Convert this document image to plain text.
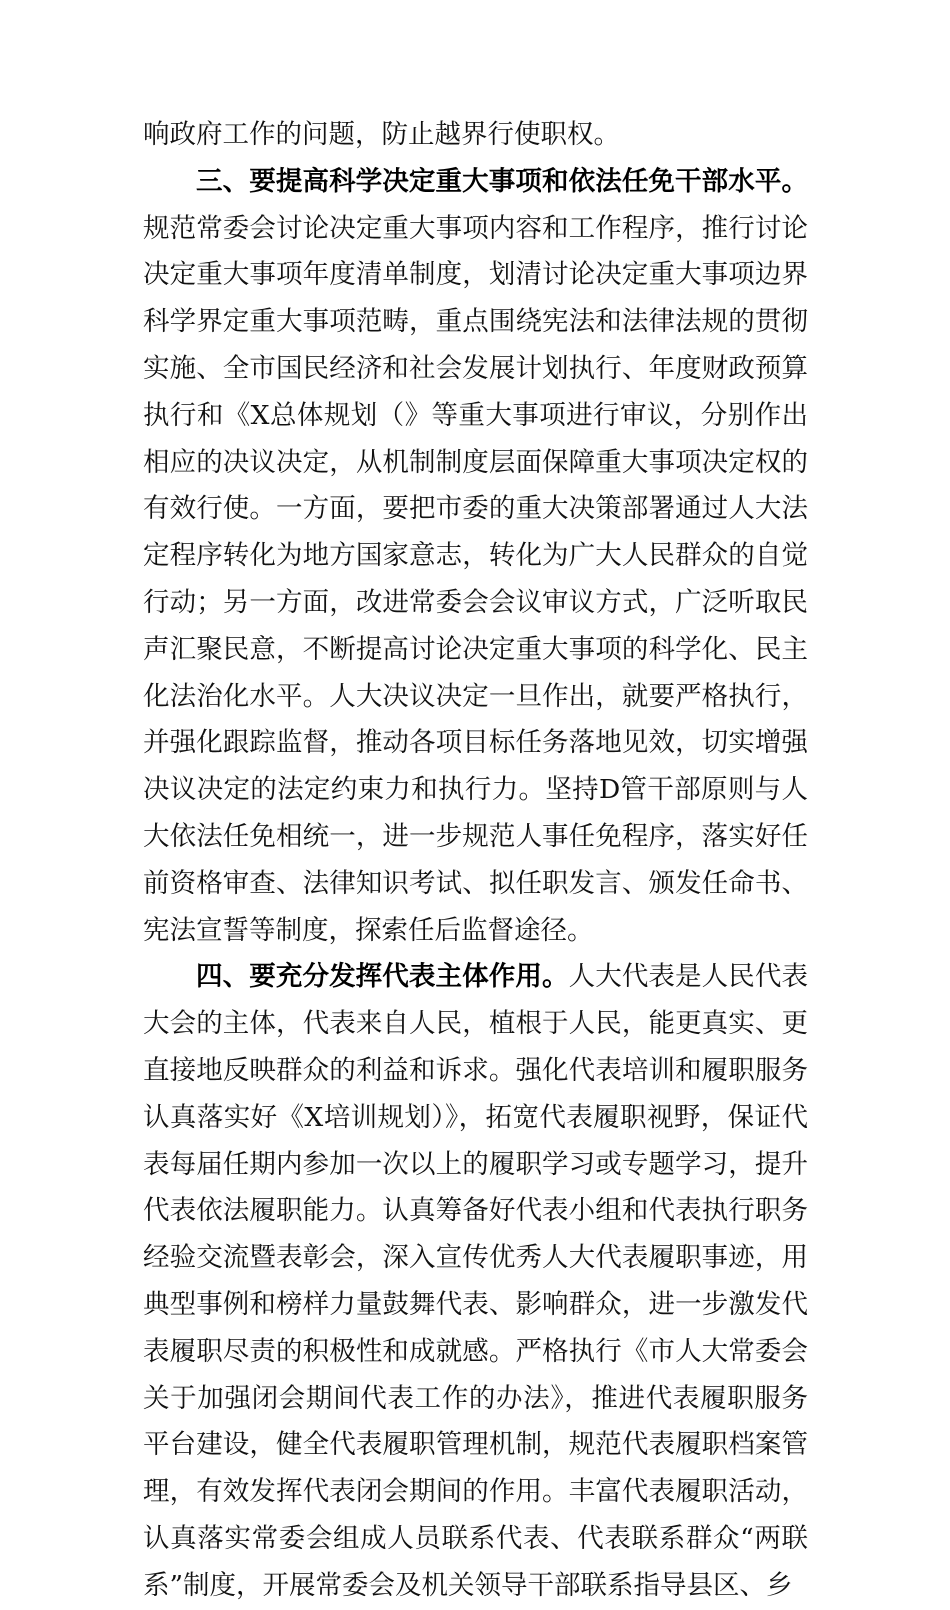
响政府工作的问题，防止越界行使职权。

三、要提高科学决定重大事项和依法任免干部水平。规范常委会讨论决定重大事项内容和工作程序，推行讨论决定重大事项年度清单制度，划清讨论决定重大事项边界科学界定重大事项范畴，重点围绕宪法和法律法规的贯彻实施、全市国民经济和社会发展计划执行、年度财政预算执行和《X总体规划（》等重大事项进行审议，分别作出相应的决议决定，从机制制度层面保障重大事项决定权的有效行使。一方面，要把市委的重大决策部署通过人大法定程序转化为地方国家意志，转化为广大人民群众的自觉行动；另一方面，改进常委会会议审议方式，广泛听取民声汇聚民意，不断提高讨论决定重大事项的科学化、民主化法治化水平。人大决议决定一旦作出，就要严格执行，并强化跟踪监督，推动各项目标任务落地见效，切实增强决议决定的法定约束力和执行力。坚持D管干部原则与人大依法任免相统一，进一步规范人事任免程序，落实好任前资格审查、法律知识考试、拟任职发言、颁发任命书、宪法宣誓等制度，探索任后监督途径。

四、要充分发挥代表主体作用。人大代表是人民代表大会的主体，代表来自人民，植根于人民，能更真实、更直接地反映群众的利益和诉求。强化代表培训和履职服务认真落实好《X培训规划）》，拓宽代表履职视野，保证代表每届任期内参加一次以上的履职学习或专题学习，提升代表依法履职能力。认真筹备好代表小组和代表执行职务经验交流暨表彰会，深入宣传优秀人大代表履职事迹，用典型事例和榜样力量鼓舞代表、影响群众，进一步激发代表履职尽责的积极性和成就感。严格执行《市人大常委会关于加强闭会期间代表工作的办法》，推进代表履职服务平台建设，健全代表履职管理机制，规范代表履职档案管理，有效发挥代表闭会期间的作用。丰富代表履职活动，认真落实常委会组成人员联系代表、代表联系群众“两联系”制度，开展常委会及机关领导干部联系指导县区、乡
